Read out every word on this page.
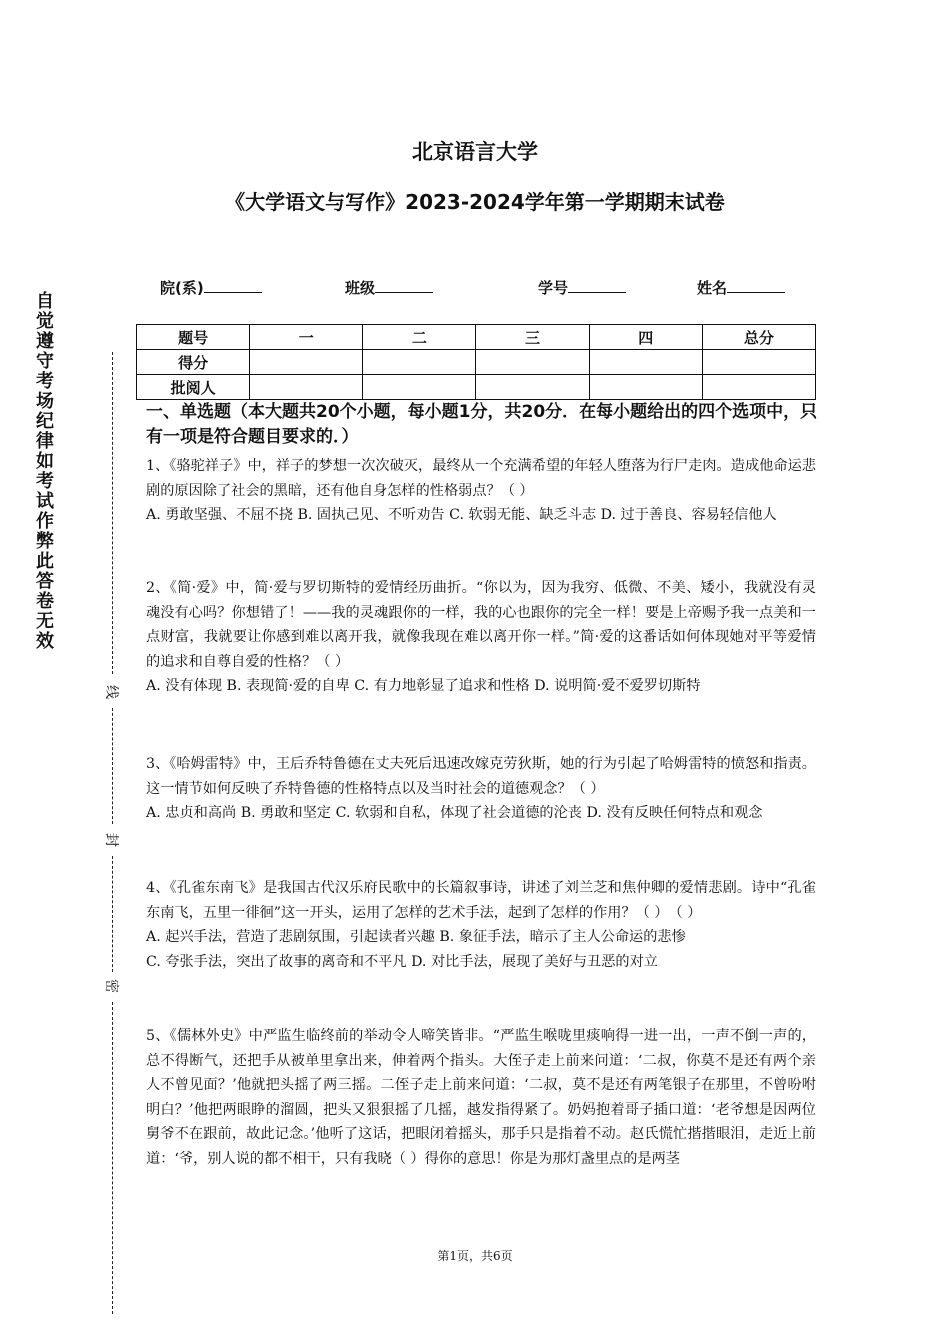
北京语言大学
《大学语文与写作》2023-2024学年第一学期期末试卷
院(系)	班级	学号	姓名
题号	一	二	三	四	总分
得分					
批阅人					
自觉遵守考场纪律如考试作弊此答卷无效
线
封
密
一、单选题（本大题共20个小题，每小题1分，共20分．在每小题给出的四个选项中，只有一项是符合题目要求的．）
1、《骆驼祥子》中，祥子的梦想一次次破灭，最终从一个充满希望的年轻人堕落为行尸走肉。造成他命运悲剧的原因除了社会的黑暗，还有他自身怎样的性格弱点？（ ）
A. 勇敢坚强、不屈不挠 B. 固执己见、不听劝告 C. 软弱无能、缺乏斗志 D. 过于善良、容易轻信他人
2、《简·爱》中，简·爱与罗切斯特的爱情经历曲折。“你以为，因为我穷、低微、不美、矮小，我就没有灵魂没有心吗？你想错了！——我的灵魂跟你的一样，我的心也跟你的完全一样！要是上帝赐予我一点美和一点财富，我就要让你感到难以离开我，就像我现在难以离开你一样。”简·爱的这番话如何体现她对平等爱情的追求和自尊自爱的性格？（ ）
A. 没有体现 B. 表现简·爱的自卑 C. 有力地彰显了追求和性格 D. 说明简·爱不爱罗切斯特
3、《哈姆雷特》中，王后乔特鲁德在丈夫死后迅速改嫁克劳狄斯，她的行为引起了哈姆雷特的愤怒和指责。这一情节如何反映了乔特鲁德的性格特点以及当时社会的道德观念？（ ）
A. 忠贞和高尚 B. 勇敢和坚定 C. 软弱和自私，体现了社会道德的沦丧 D. 没有反映任何特点和观念
4、《孔雀东南飞》是我国古代汉乐府民歌中的长篇叙事诗，讲述了刘兰芝和焦仲卿的爱情悲剧。诗中“孔雀东南飞，五里一徘徊”这一开头，运用了怎样的艺术手法，起到了怎样的作用？（ ）　（ ）
A. 起兴手法，营造了悲剧氛围，引起读者兴趣 B. 象征手法，暗示了主人公命运的悲惨
C. 夸张手法，突出了故事的离奇和不平凡 D. 对比手法，展现了美好与丑恶的对立
5、《儒林外史》中严监生临终前的举动令人啼笑皆非。“严监生喉咙里痰响得一进一出，一声不倒一声的，总不得断气，还把手从被单里拿出来，伸着两个指头。大侄子走上前来问道：‘二叔，你莫不是还有两个亲人不曾见面？’他就把头摇了两三摇。二侄子走上前来问道：‘二叔，莫不是还有两笔银子在那里，不曾吩咐明白？’他把两眼睁的溜圆，把头又狠狠摇了几摇，越发指得紧了。奶妈抱着哥子插口道：‘老爷想是因两位舅爷不在跟前，故此记念。’他听了这话，把眼闭着摇头，那手只是指着不动。赵氏慌忙揩揩眼泪，走近上前道：‘爷，别人说的都不相干，只有我晓（ ）得你的意思！你是为那灯盏里点的是两茎
第1页，共6页
